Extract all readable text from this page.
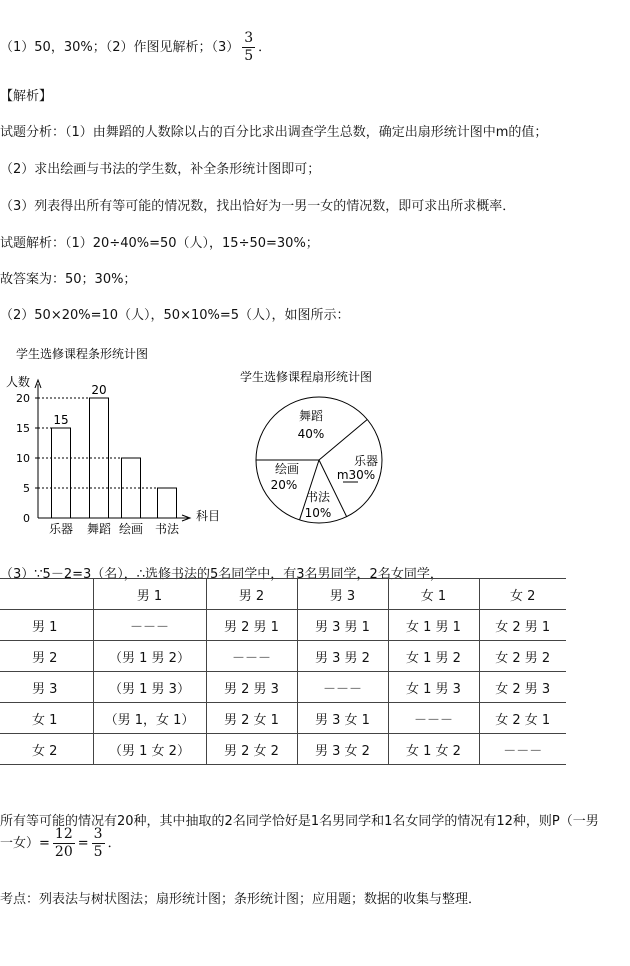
（1）50，30%；（2）作图见解析；$(3) \frac{3}{5}$ ．
【解析】
试题分析：（1）由舞蹈的人数除以占的百分比求出调查学生总数，确定出扇形统计图中m的值；
（2）求出绘画与书法的学生数，补全条形统计图即可；
（3）列表得出所有等可能的情况数，找出恰好为一男一女的情况数，即可求出所求概率．
试题解析：（1）20÷40%=50（人），15÷50=30%；
故答案为：50；30%；
（2）50×20%=10（人），50×10%=5（人），如图所示：
学生选修课程条形统计图
人数
科目
0
5
10
15
20
乐器
15
舞蹈
20
绘画 书法
学生选修课程扇形统计图
舞蹈
40%
乐器
m30%
书法
10%
绘画
20%
（3）∵5－2=3（名），∴选修书法的5名同学中，有3名男同学，2名女同学，
	男 1	男 2	男 3	女 1	女 2
男 1	－－－	男 2 男 1	男 3 男 1	女 1 男 1	女 2 男 1
男 2	（男 1 男 2）	－－－	男 3 男 2	女 1 男 2	女 2 男 2
男 3	（男 1 男 3）	男 2 男 3	－－－	女 1 男 3	女 2 男 3
女 1	（男 1，女 1）	男 2 女 1	男 3 女 1	－－－	女 2 女 1
女 2	（男 1 女 2）	男 2 女 2	男 3 女 2	女 1 女 2	－－－
所有等可能的情况有20种，其中抽取的2名同学恰好是1名男同学和1名女同学的情况有12种，则P（一男
一女）= $\frac{12}{20} = \frac{3}{5}$ ．
考点：列表法与树状图法；扇形统计图；条形统计图；应用题；数据的收集与整理．
